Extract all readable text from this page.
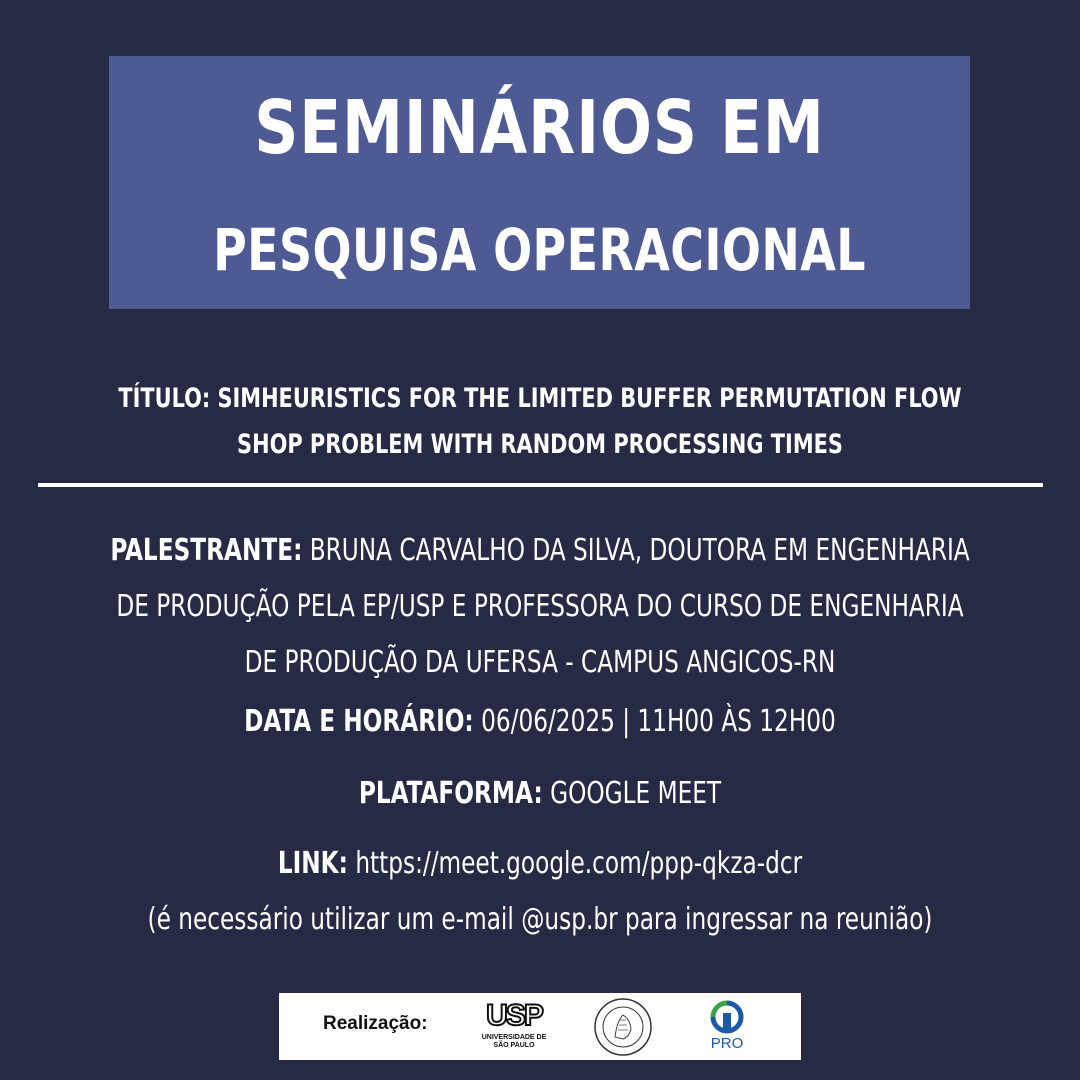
SEMINÁRIOS EM
PESQUISA OPERACIONAL
TÍTULO: SIMHEURISTICS FOR THE LIMITED BUFFER PERMUTATION FLOW SHOP PROBLEM WITH RANDOM PROCESSING TIMES
PALESTRANTE: BRUNA CARVALHO DA SILVA, DOUTORA EM ENGENHARIA DE PRODUÇÃO PELA EP/USP E PROFESSORA DO CURSO DE ENGENHARIA DE PRODUÇÃO DA UFERSA - CAMPUS ANGICOS-RN
DATA E HORÁRIO: 06/06/2025 | 11H00 ÀS 12H00
PLATAFORMA: GOOGLE MEET
LINK: https://meet.google.com/ppp-qkza-dcr
(é necessário utilizar um e-mail @usp.br para ingressar na reunião)
Realização:	USP
UNIVERSIDADE DE
SÃO PAULO	PRO
